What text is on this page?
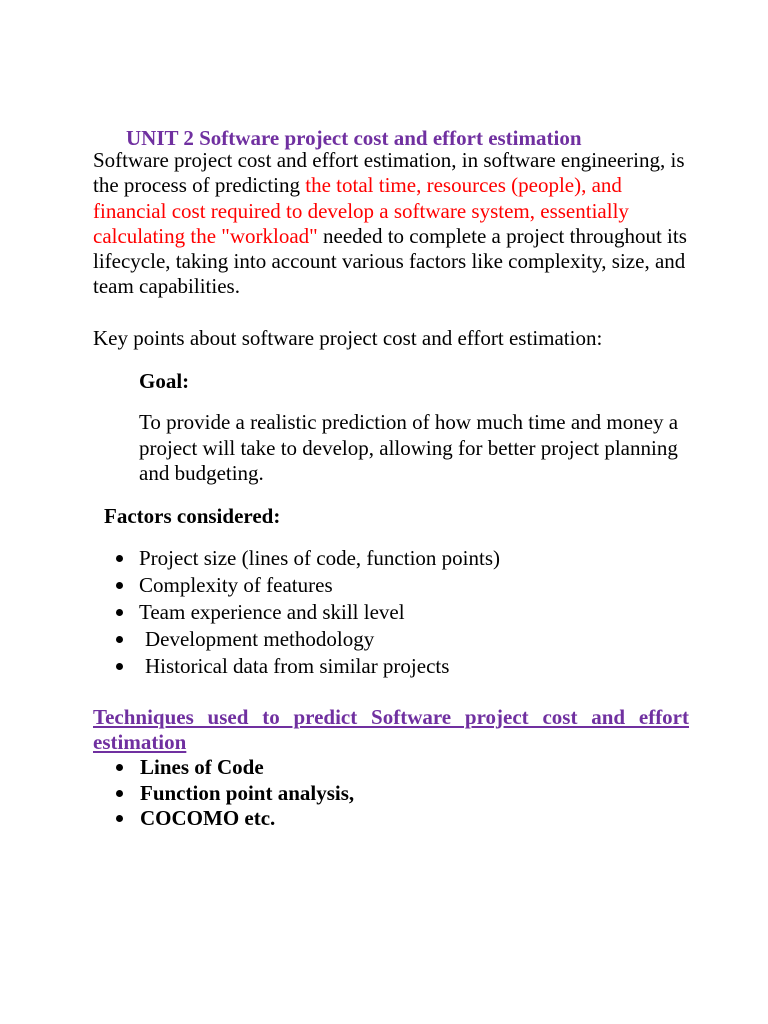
UNIT 2 Software project cost and effort estimation
Software project cost and effort estimation, in software engineering, is the process of predicting the total time, resources (people), and financial cost required to develop a software system, essentially calculating the "workload" needed to complete a project throughout its lifecycle, taking into account various factors like complexity, size, and team capabilities.
Key points about software project cost and effort estimation:
Goal:
To provide a realistic prediction of how much time and money a project will take to develop, allowing for better project planning and budgeting.
Factors considered:
Project size (lines of code, function points)
Complexity of features
Team experience and skill level
Development methodology
Historical data from similar projects
Techniques used to predict Software project cost and effort estimation
Lines of Code
Function point analysis,
COCOMO etc.
